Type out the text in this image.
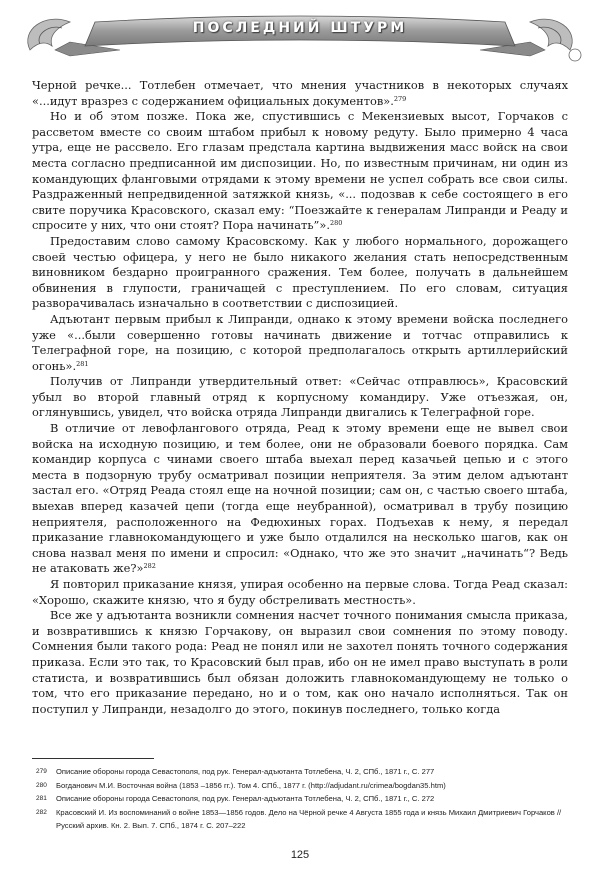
ПОСЛЕДНИЙ ШТУРМ

Черной речке... Тотлебен отмечает, что мнения участников в некоторых случаях «...идут вразрез с содержанием официальных документов».$^{279}$

Но и об этом позже. Пока же, спустившись с Мекензиевых высот, Горчаков с рассветом вместе со своим штабом прибыл к новому редуту. Было примерно 4 часа утра, еще не рассвело. Его глазам предстала картина выдвижения масс войск на свои места согласно предписанной им диспозиции. Но, по известным причинам, ни один из командующих фланговыми отрядами к этому времени не успел собрать все свои силы. Раздраженный непредвиденной затяжкой князь, «... подозвав к себе состоящего в его свите поручика Красовского, сказал ему: “Поезжайте к генералам Липранди и Реаду и спросите у них, что они стоят? Пора начинать”».$^{280}$

Предоставим слово самому Красовскому. Как у любого нормального, дорожащего своей честью офицера, у него не было никакого желания стать непосредственным виновником бездарно проигранного сражения. Тем более, получать в дальнейшем обвинения в глупости, граничащей с преступлением. По его словам, ситуация разворачивалась изначально в соответствии с диспозицией.

Адъютант первым прибыл к Липранди, однако к этому времени войска последнего уже «...были совершенно готовы начинать движение и тотчас отправились к Телеграфной горе, на позицию, с которой предполагалось открыть артиллерийский огонь».$^{281}$

Получив от Липранди утвердительный ответ: «Сейчас отправлюсь», Красовский убыл во второй главный отряд к корпусному командиру. Уже отъезжая, он, оглянувшись, увидел, что войска отряда Липранди двигались к Телеграфной горе.

В отличие от левофлангового отряда, Реад к этому времени еще не вывел свои войска на исходную позицию, и тем более, они не образовали боевого порядка. Сам командир корпуса с чинами своего штаба выехал перед казачьей цепью и с этого места в подзорную трубу осматривал позиции неприятеля. За этим делом адъютант застал его. «Отряд Реада стоял еще на ночной позиции; сам он, с частью своего штаба, выехав вперед казачей цепи (тогда еще неубранной), осматривал в трубу позицию неприятеля, расположенного на Федюхиных горах. Подъехав к нему, я передал приказание главнокомандующего и уже было отдалился на несколько шагов, как он снова назвал меня по имени и спросил: «Однако, что же это значит „начинать“? Ведь не атаковать же?»$^{282}$

Я повторил приказание князя, упирая особенно на первые слова. Тогда Реад сказал: «Хорошо, скажите князю, что я буду обстреливать местность».

Все же у адъютанта возникли сомнения насчет точного понимания смысла приказа, и возвратившись к князю Горчакову, он выразил свои сомнения по этому поводу. Сомнения были такого рода: Реад не понял или не захотел понять точного содержания приказа. Если это так, то Красовский был прав, ибо он не имел право выступать в роли статиста, и возвратившись был обязан доложить главнокомандующему не только о том, что его приказание передано, но и о том, как оно начало исполняться. Так он поступил у Липранди, незадолго до этого, покинув последнего, только когда

279	Описание обороны города Севастополя, под рук. Генерал-адъютанта Тотлебена, Ч. 2, СПб., 1871 г., С. 277
280	Богданович М.И. Восточная война (1853 –1856 гг.). Том 4. СПб., 1877 г. (http://adjudant.ru/crimea/bogdan35.htm)
281	Описание обороны города Севастополя, под рук. Генерал-адъютанта Тотлебена, Ч. 2, СПб., 1871 г., С. 272
282	Красовский И. Из воспоминаний о войне 1853—1856 годов. Дело на Чёрной речке 4 Августа 1855 года и князь Михаил Дмитриевич Горчаков // Русский архив. Кн. 2. Вып. 7. СПб., 1874 г. С. 207–222
125
